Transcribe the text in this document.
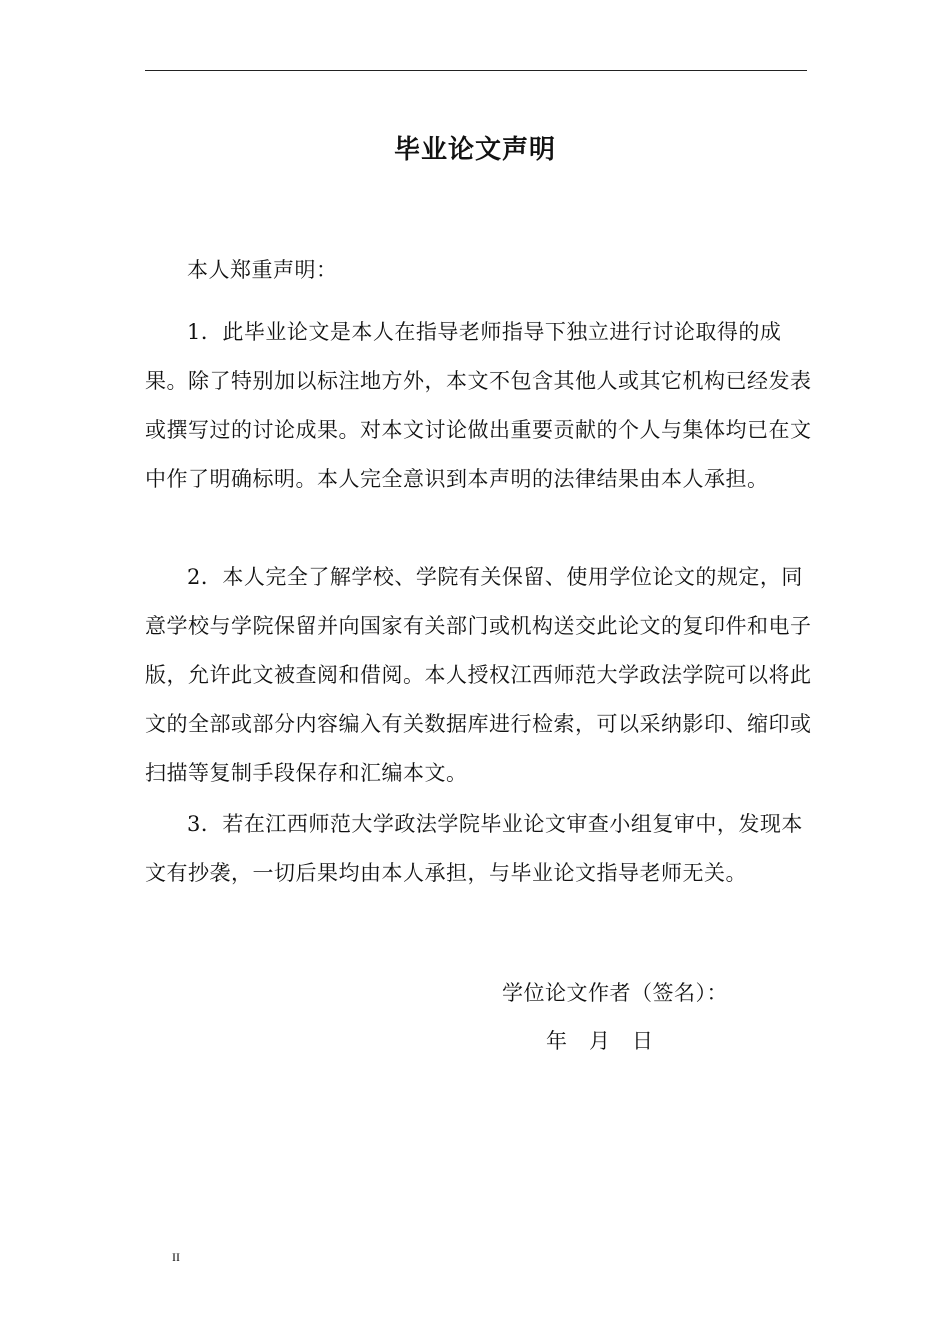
毕业论文声明

本人郑重声明：

1．此毕业论文是本人在指导老师指导下独立进行讨论取得的成果。除了特别加以标注地方外，本文不包含其他人或其它机构已经发表或撰写过的讨论成果。对本文讨论做出重要贡献的个人与集体均已在文中作了明确标明。本人完全意识到本声明的法律结果由本人承担。

2．本人完全了解学校、学院有关保留、使用学位论文的规定，同意学校与学院保留并向国家有关部门或机构送交此论文的复印件和电子版，允许此文被查阅和借阅。本人授权江西师范大学政法学院可以将此文的全部或部分内容编入有关数据库进行检索，可以采纳影印、缩印或扫描等复制手段保存和汇编本文。

3．若在江西师范大学政法学院毕业论文审查小组复审中，发现本文有抄袭，一切后果均由本人承担，与毕业论文指导老师无关。

学位论文作者（签名）：
年　月　日
II
